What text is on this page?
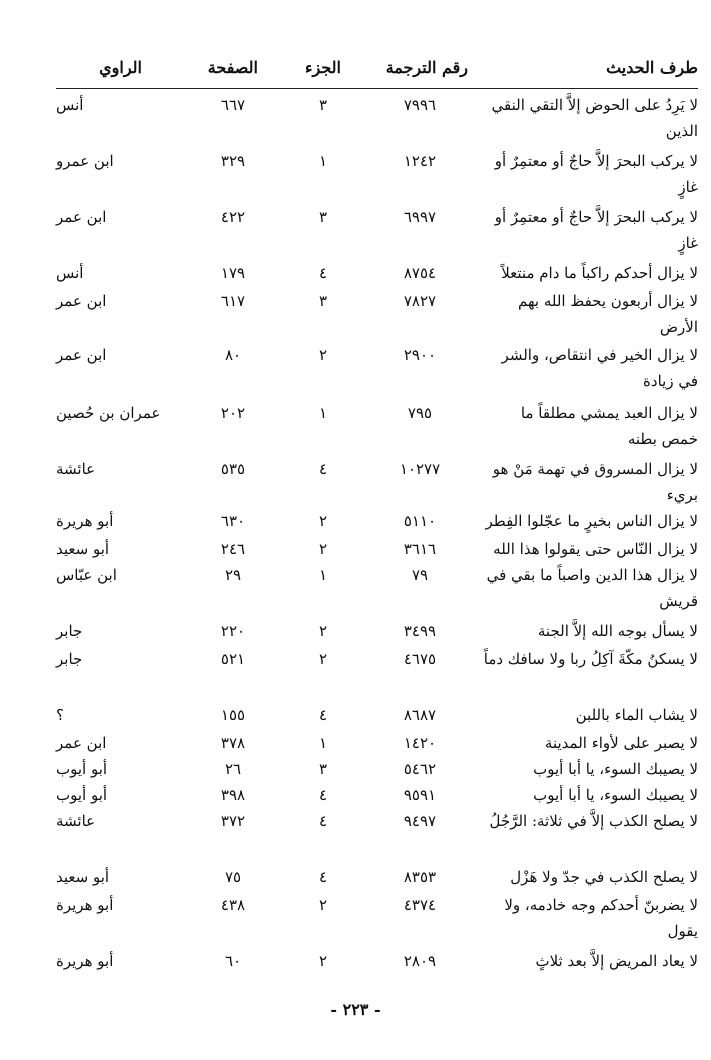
طرف الحديث
رقم الترجمة
الجزء
الصفحة
الراوي
لا يَرِدُ على الحوض إلاَّ التقي النقي الذين
٧٩٩٦
٣
٦٦٧
أنس
لا يركب البحرَ إلاَّ حاجٌ أو معتمِرٌ أو غازٍ
١٢٤٢
١
٣٢٩
ابن عمرو
لا يركب البحرَ إلاَّ حاجٌ أو معتمِرٌ أو غازٍ
٦٩٩٧
٣
٤٢٢
ابن عمر
لا يزال أحدكم راكباً ما دام منتعلاً
٨٧٥٤
٤
١٧٩
أنس
لا يزال أربعون يحفظ الله بهم الأرض
٧٨٢٧
٣
٦١٧
ابن عمر
لا يزال الخير في انتقاص، والشر في زيادة
٢٩٠٠
٢
٨٠
ابن عمر
لا يزال العبد يمشي مطلقاً ما خمص بطنه
٧٩٥
١
٢٠٢
عمران بن حُصين
لا يزال المسروق في تهمة مَنْ هو بريء
١٠٢٧٧
٤
٥٣٥
عائشة
لا يزال الناس بخيرٍ ما عجّلوا الفِطر
٥١١٠
٢
٦٣٠
أبو هريرة
لا يزال النّاس حتى يقولوا هذا الله
٣٦١٦
٢
٢٤٦
أبو سعيد
لا يزال هذا الدين واصباً ما بقي في قريش
٧٩
١
٢٩
ابن عبّاس
لا يسأل بوجه الله إلاَّ الجنة
٣٤٩٩
٢
٢٢٠
جابر
لا يسكنُ مكّةَ آكِلُ ربا ولا سافك دماً
٤٦٧٥
٢
٥٢١
جابر
لا يشاب الماء باللبن
٨٦٨٧
٤
١٥٥
؟
لا يصبر على لأواء المدينة
١٤٢٠
١
٣٧٨
ابن عمر
لا يصيبك السوء، يا أبا أيوب
٥٤٦٢
٣
٢٦
أبو أيوب
لا يصيبك السوء، يا أبا أيوب
٩٥٩١
٤
٣٩٨
أبو أيوب
لا يصلح الكذب إلاَّ في ثلاثة: الرَّجُلُ
٩٤٩٧
٤
٣٧٢
عائشة
لا يصلح الكذب في جدّ ولا هَزْل
٨٣٥٣
٤
٧٥
أبو سعيد
لا يضربنّ أحدكم وجه خادمه، ولا يقول
٤٣٧٤
٢
٤٣٨
أبو هريرة
لا يعاد المريض إلاَّ بعد ثلاثٍ
٢٨٠٩
٢
٦٠
أبو هريرة
- ٢٢٣ -
